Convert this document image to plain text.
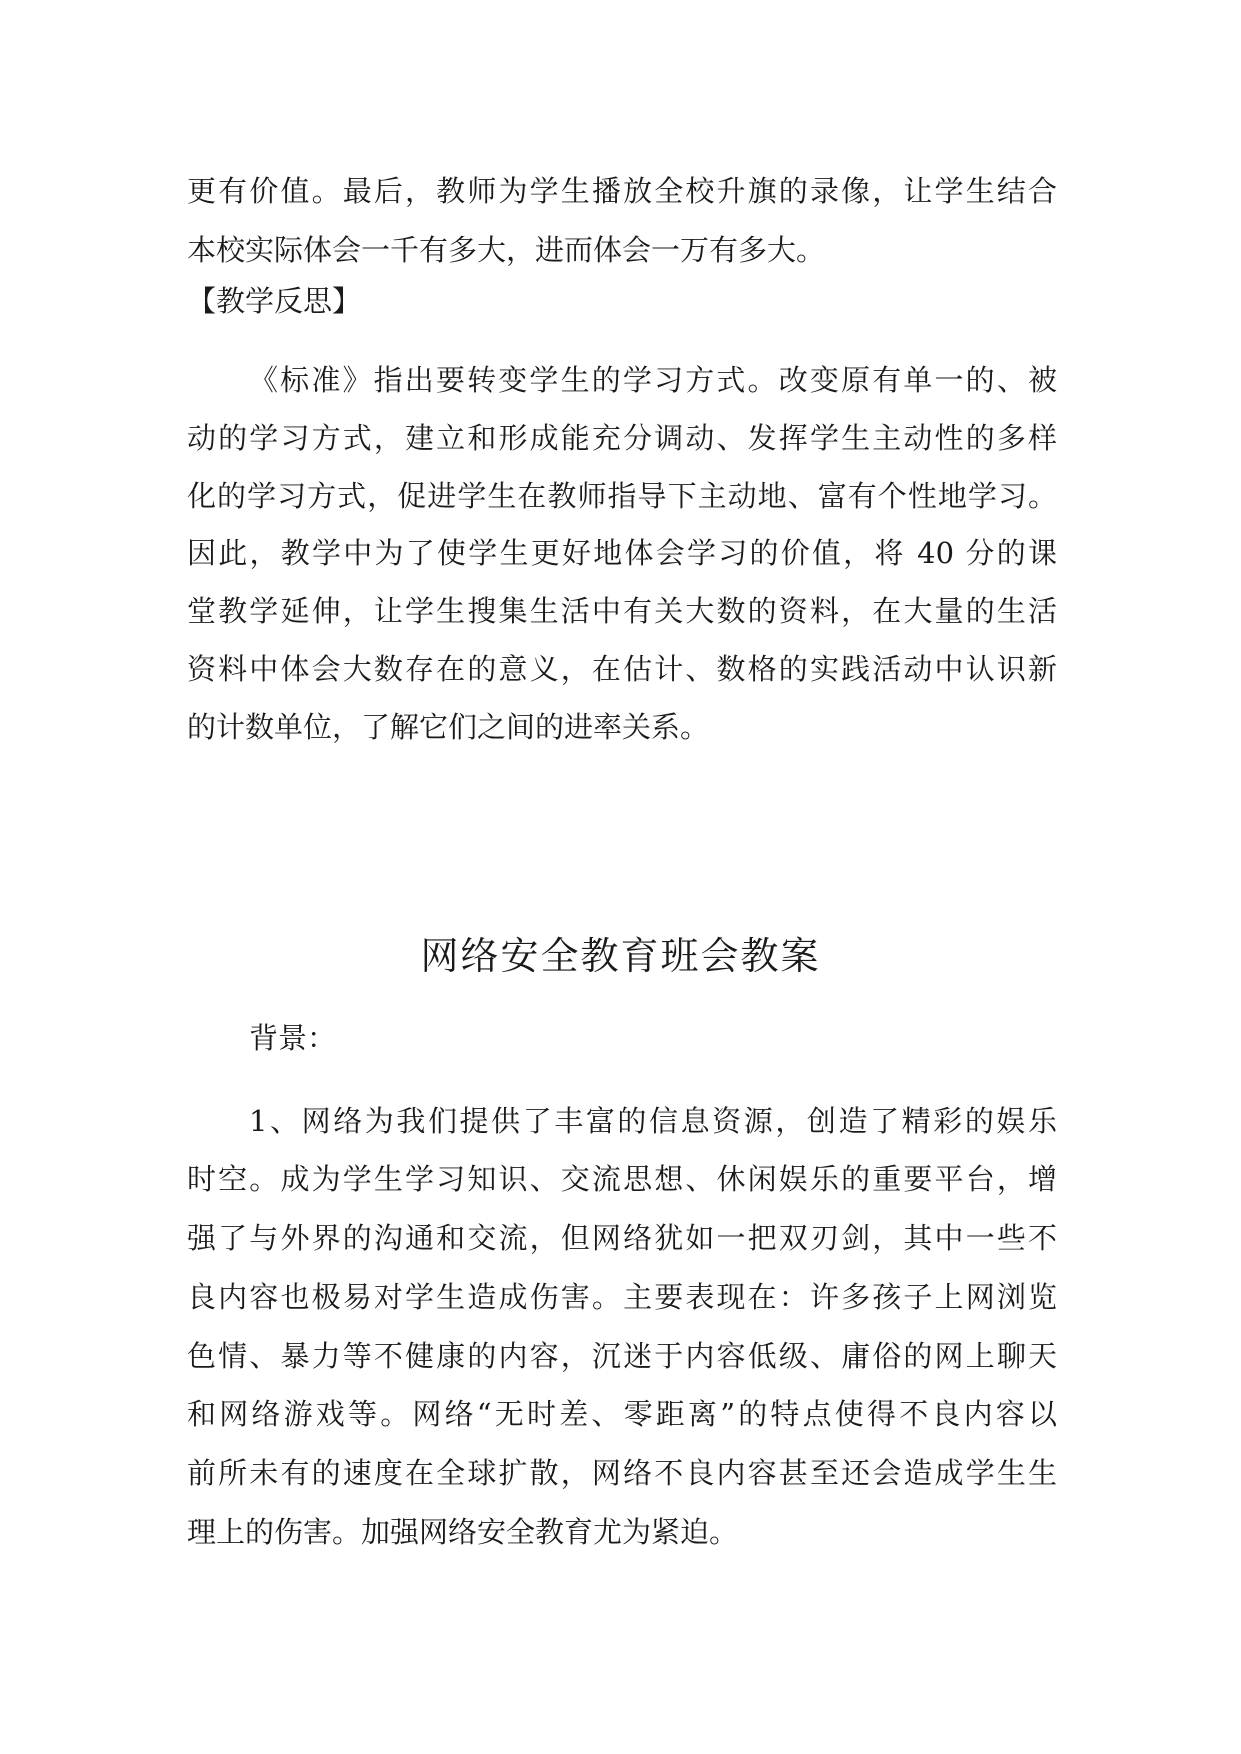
更有价值。最后，教师为学生播放全校升旗的录像，让学生结合
本校实际体会一千有多大，进而体会一万有多大。
【教学反思】
《标准》指出要转变学生的学习方式。改变原有单一的、被
动的学习方式，建立和形成能充分调动、发挥学生主动性的多样
化的学习方式，促进学生在教师指导下主动地、富有个性地学习。
因此，教学中为了使学生更好地体会学习的价值，将 40 分的课
堂教学延伸，让学生搜集生活中有关大数的资料，在大量的生活
资料中体会大数存在的意义，在估计、数格的实践活动中认识新
的计数单位，了解它们之间的进率关系。
网络安全教育班会教案
背景：
1、网络为我们提供了丰富的信息资源，创造了精彩的娱乐
时空。成为学生学习知识、交流思想、休闲娱乐的重要平台，增
强了与外界的沟通和交流，但网络犹如一把双刃剑，其中一些不
良内容也极易对学生造成伤害。主要表现在：许多孩子上网浏览
色情、暴力等不健康的内容，沉迷于内容低级、庸俗的网上聊天
和网络游戏等。网络“无时差、零距离”的特点使得不良内容以
前所未有的速度在全球扩散，网络不良内容甚至还会造成学生生
理上的伤害。加强网络安全教育尤为紧迫。
